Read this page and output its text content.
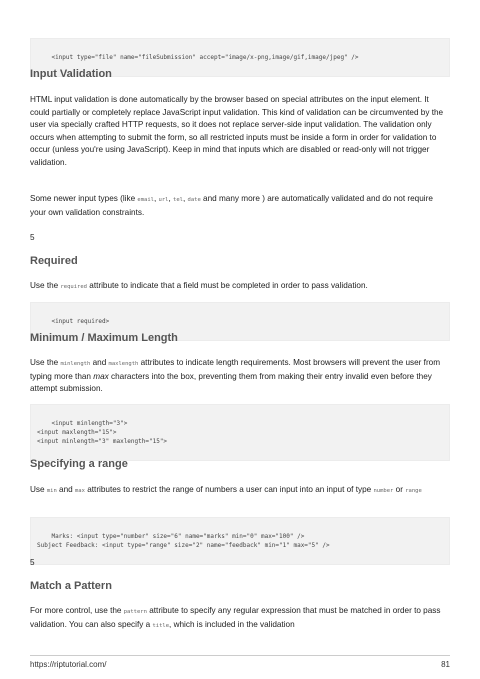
<input type="file" name="fileSubmission" accept="image/x-png,image/gif,image/jpeg" />

Input Validation

HTML input validation is done automatically by the browser based on special attributes on the input element. It could partially or completely replace JavaScript input validation. This kind of validation can be circumvented by the user via specially crafted HTTP requests, so it does not replace server-side input validation. The validation only occurs when attempting to submit the form, so all restricted inputs must be inside a form in order for validation to occur (unless you're using JavaScript). Keep in mind that inputs which are disabled or read-only will not trigger validation.

Some newer input types (like email, url, tel, date and many more ) are automatically validated and do not require your own validation constraints.

5

Required

Use the required attribute to indicate that a field must be completed in order to pass validation.

<input required>

Minimum / Maximum Length

Use the minlength and maxlength attributes to indicate length requirements. Most browsers will prevent the user from typing more than max characters into the box, preventing them from making their entry invalid even before they attempt submission.

<input minlength="3">
<input maxlength="15">
<input minlength="3" maxlength="15">

Specifying a range

Use min and max attributes to restrict the range of numbers a user can input into an input of type number or range

Marks: <input type="number" size="6" name="marks" min="0" max="100" />
Subject Feedback: <input type="range" size="2" name="feedback" min="1" max="5" />

5

Match a Pattern

For more control, use the pattern attribute to specify any regular expression that must be matched in order to pass validation. You can also specify a title, which is included in the validation

https://riptutorial.com/	81
